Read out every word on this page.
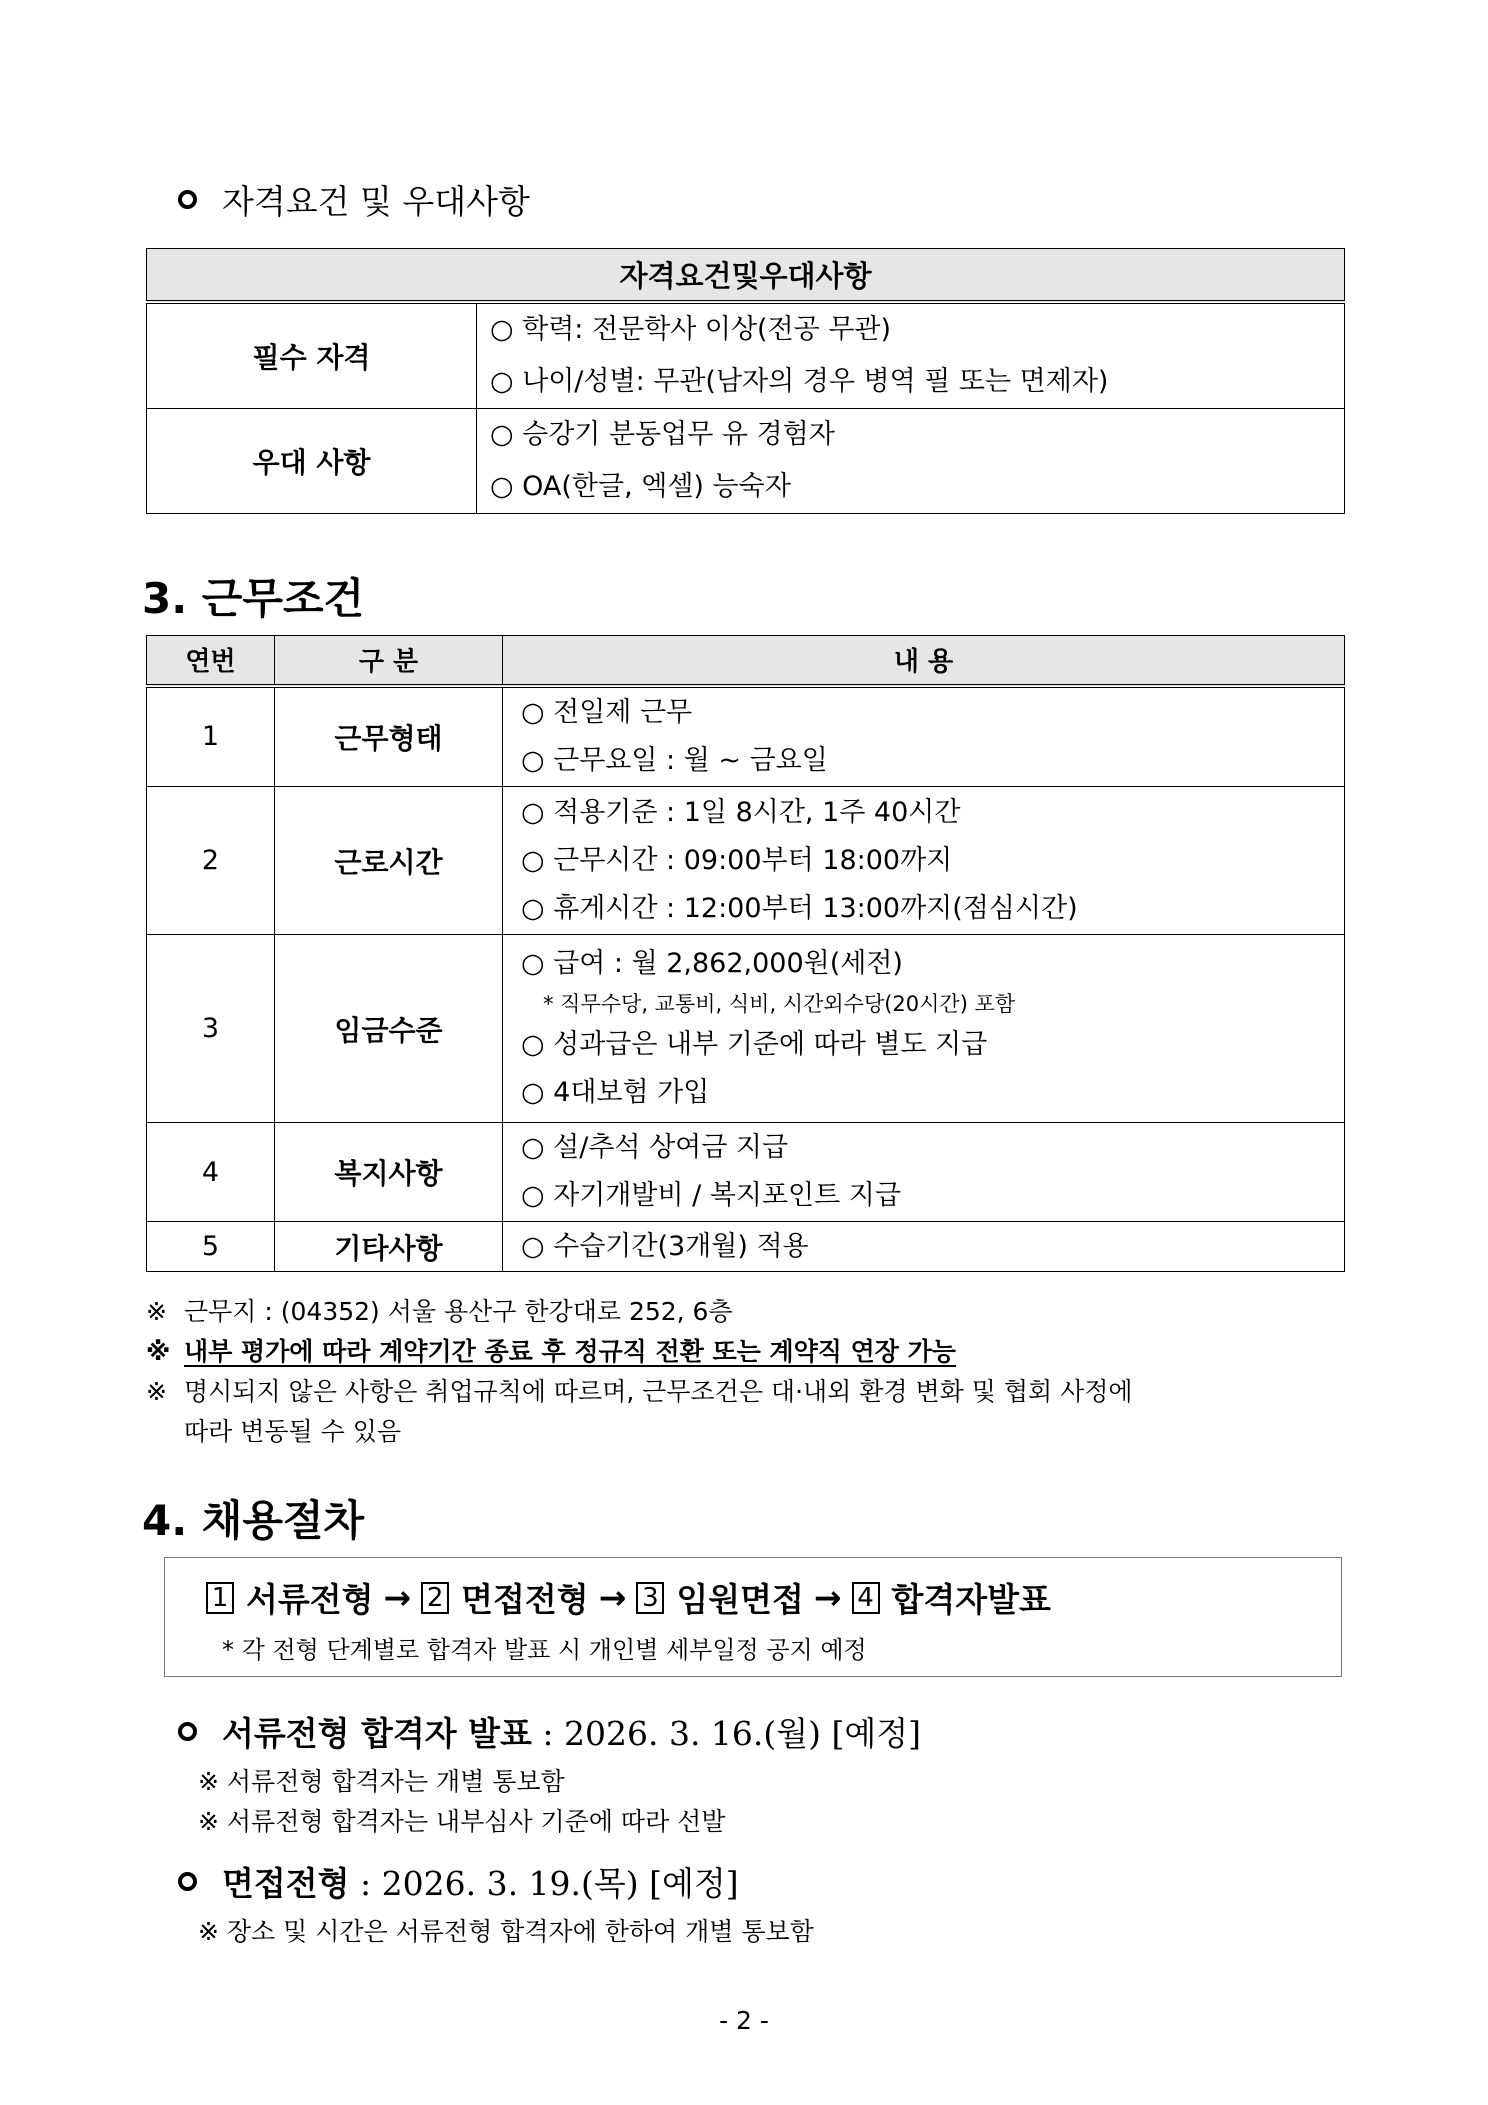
자격요건 및 우대사항
자격요건및우대사항	
필수 자격	○ 학력: 전문학사 이상(전공 무관)
○ 나이/성별: 무관(남자의 경우 병역 필 또는 면제자)

우대 사항	○ 승강기 분동업무 유 경험자
○ OA(한글, 엑셀) 능숙자
3. 근무조건
연번	구 분	내 용
1	근무형태	○ 전일제 근무
○ 근무요일 : 월 ~ 금요일

2	근로시간	○ 적용기준 : 1일 8시간, 1주 40시간
○ 근무시간 : 09:00부터 18:00까지
○ 휴게시간 : 12:00부터 13:00까지(점심시간)

3	임금수준	○ 급여 : 월 2,862,000원(세전)
* 직무수당, 교통비, 식비, 시간외수당(20시간) 포함
○ 성과급은 내부 기준에 따라 별도 지급
○ 4대보험 가입

4	복지사항	○ 설/추석 상여금 지급
○ 자기개발비 / 복지포인트 지급

5	기타사항	○ 수습기간(3개월) 적용
※ 근무지 : (04352) 서울 용산구 한강대로 252, 6층
※ 내부 평가에 따라 계약기간 종료 후 정규직 전환 또는 계약직 연장 가능
※ 명시되지 않은 사항은 취업규칙에 따르며, 근무조건은 대·내외 환경 변화 및 협회 사정에
따라 변동될 수 있음
4. 채용절차
1 서류전형 → 2 면접전형 → 3 임원면접 → 4 합격자발표
* 각 전형 단계별로 합격자 발표 시 개인별 세부일정 공지 예정
서류전형 합격자 발표
: 2026. 3. 16.(월) [예정]
※ 서류전형 합격자는 개별 통보함
※ 서류전형 합격자는 내부심사 기준에 따라 선발
면접전형
: 2026. 3. 19.(목) [예정]
※ 장소 및 시간은 서류전형 합격자에 한하여 개별 통보함
- 2 -
